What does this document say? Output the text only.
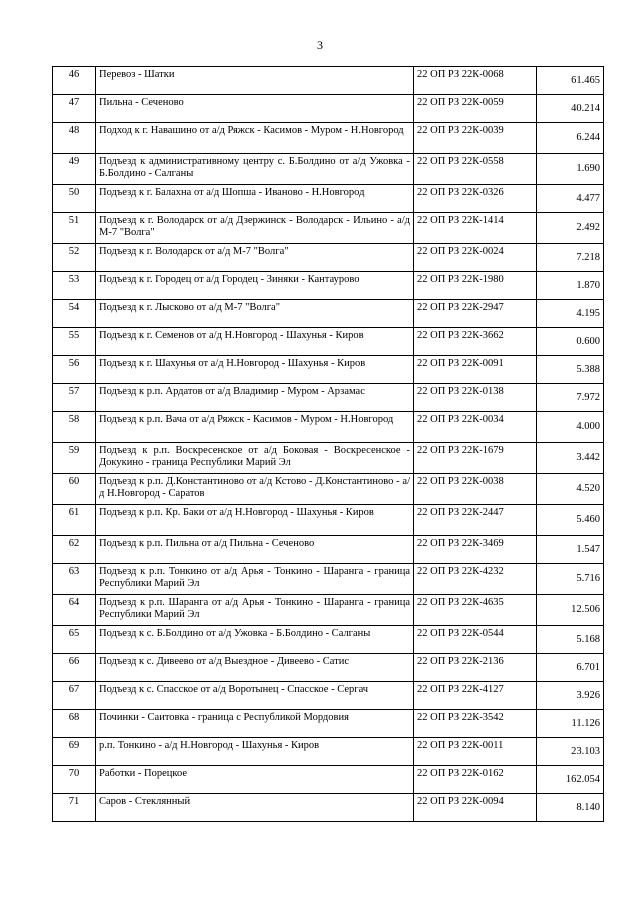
3
46	Перевоз - Шатки	22 ОП РЗ 22К-0068	61.465
47	Пильна - Сеченово	22 ОП РЗ 22К-0059	40.214
48	Подход к г. Навашино от а/д Ряжск - Касимов - Муром - Н.Новгород	22 ОП РЗ 22К-0039	6.244
49	Подъезд к административному центру с. Б.Болдино от а/д Ужовка - Б.Болдино - Салганы	22 ОП РЗ 22К-0558	1.690
50	Подъезд к г. Балахна от а/д Шопша - Иваново - Н.Новгород	22 ОП РЗ 22К-0326	4.477
51	Подъезд к г. Володарск от а/д Дзержинск - Володарск - Ильино - а/д М-7 "Волга"	22 ОП РЗ 22К-1414	2.492
52	Подъезд к г. Володарск от а/д М-7 "Волга"	22 ОП РЗ 22К-0024	7.218
53	Подъезд к г. Городец от а/д Городец - Зиняки - Кантаурово	22 ОП РЗ 22К-1980	1.870
54	Подъезд к г. Лысково от а/д М-7 "Волга"	22 ОП РЗ 22К-2947	4.195
55	Подъезд к г. Семенов от а/д Н.Новгород - Шахунья - Киров	22 ОП РЗ 22К-3662	0.600
56	Подъезд к г. Шахунья от а/д Н.Новгород - Шахунья - Киров	22 ОП РЗ 22К-0091	5.388
57	Подъезд к р.п. Ардатов от а/д Владимир - Муром - Арзамас	22 ОП РЗ 22К-0138	7.972
58	Подъезд к р.п. Вача от а/д Ряжск - Касимов - Муром - Н.Новгород	22 ОП РЗ 22К-0034	4.000
59	Подъезд к р.п. Воскресенское от а/д Боковая - Воскресенское - Докукино - граница Республики Марий Эл	22 ОП РЗ 22К-1679	3.442
60	Подъезд к р.п. Д.Константиново от а/д Кстово - Д.Константиново - а/д Н.Новгород - Саратов	22 ОП РЗ 22К-0038	4.520
61	Подъезд к р.п. Кр. Баки от а/д Н.Новгород - Шахунья - Киров	22 ОП РЗ 22К-2447	5.460
62	Подъезд к р.п. Пильна от а/д Пильна - Сеченово	22 ОП РЗ 22К-3469	1.547
63	Подъезд к р.п. Тонкино от а/д Арья - Тонкино - Шаранга - граница Республики Марий Эл	22 ОП РЗ 22К-4232	5.716
64	Подъезд к р.п. Шаранга от а/д Арья - Тонкино - Шаранга - граница Республики Марий Эл	22 ОП РЗ 22К-4635	12.506
65	Подъезд к с. Б.Болдино от а/д Ужовка - Б.Болдино - Салганы	22 ОП РЗ 22К-0544	5.168
66	Подъезд к с. Дивеево от а/д Выездное - Дивеево - Сатис	22 ОП РЗ 22К-2136	6.701
67	Подъезд к с. Спасское от а/д Воротынец - Спасское - Сергач	22 ОП РЗ 22К-4127	3.926
68	Починки - Саитовка - граница с Республикой Мордовия	22 ОП РЗ 22К-3542	11.126
69	р.п. Тонкино - а/д Н.Новгород - Шахунья - Киров	22 ОП РЗ 22К-0011	23.103
70	Работки - Порецкое	22 ОП РЗ 22К-0162	162.054
71	Саров - Стеклянный	22 ОП РЗ 22К-0094	8.140
